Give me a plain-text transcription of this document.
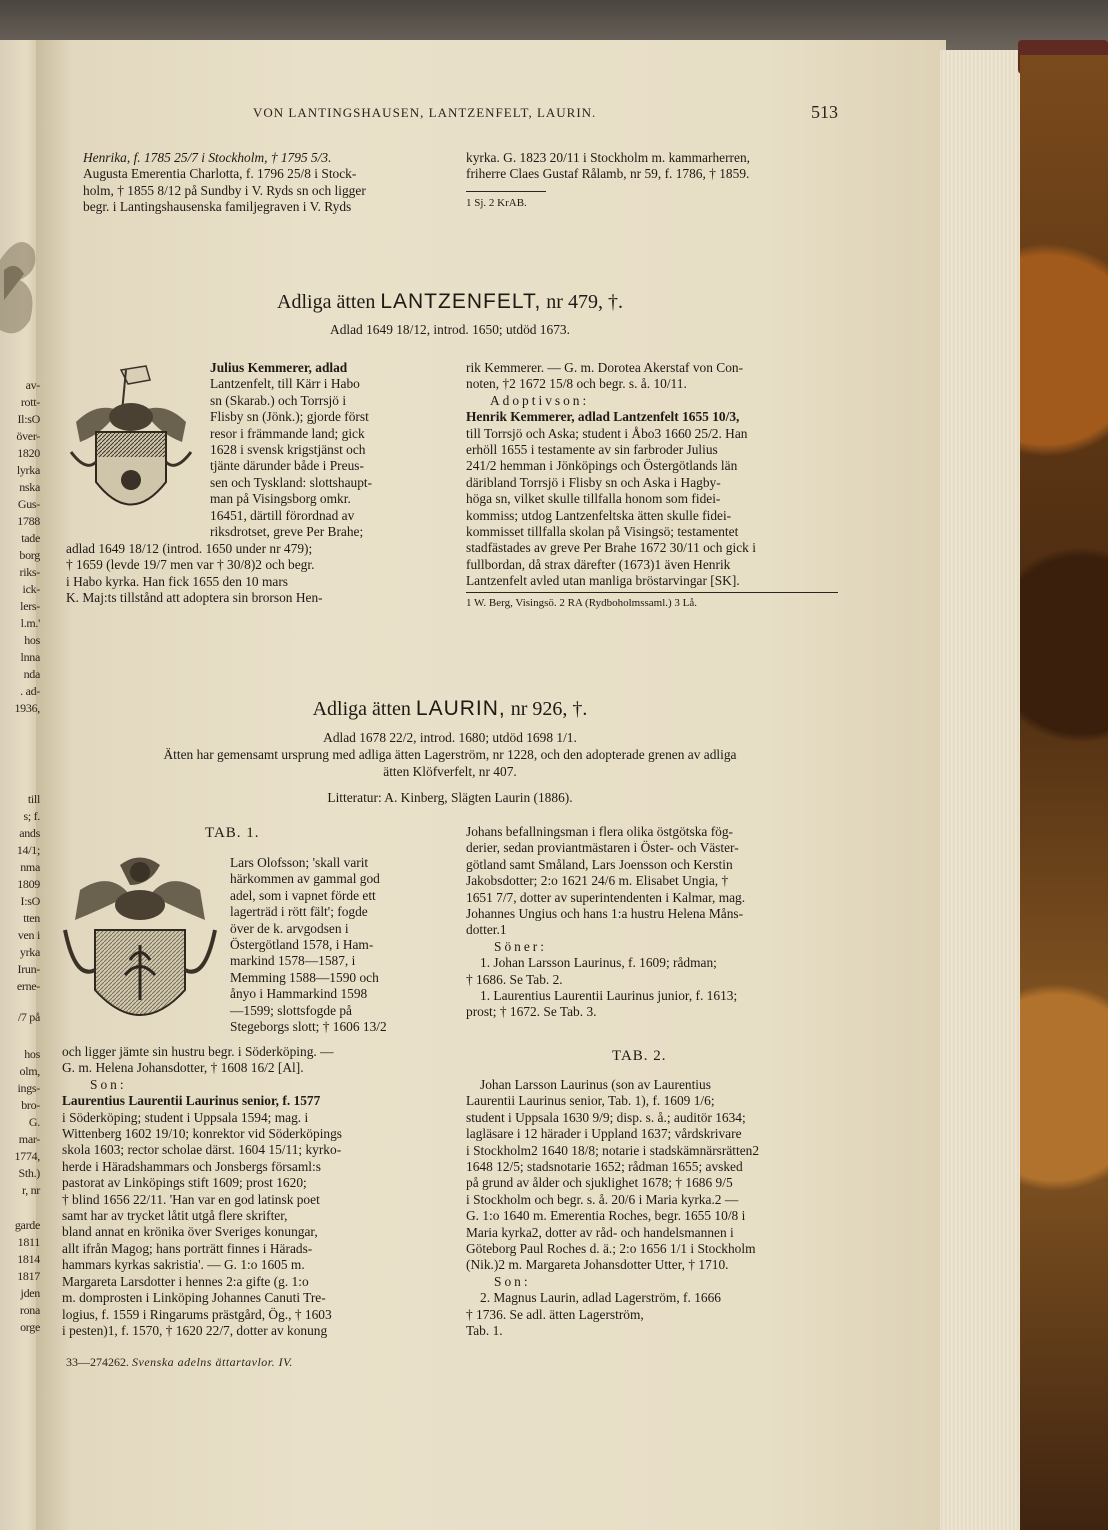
av-
rott-
Il:sO
över-
1820
lyrka
nska
Gus-
1788
tade
borg
riks-
ick-
lers-
l.m.'
hos
lnna
nda
. ad-
1936,
till
s; f.
ands
14/1;
nma
1809
I:sO
tten
ven i
yrka
Irun-
erne-
/7 på
hos
olm,
ings-
bro-
G.
mar-
1774,
Sth.)
r, nr
garde
1811
1814
1817
jden
rona
orge
VON LANTINGSHAUSEN, LANTZENFELT, LAURIN.	513

Henrika, f. 1785 25/7 i Stockholm, † 1795 5/3.

Augusta Emerentia Charlotta, f. 1796 25/8 i Stock-

holm, † 1855 8/12 på Sundby i V. Ryds sn och ligger

begr. i Lantingshausenska familjegraven i V. Ryds

kyrka. G. 1823 20/11 i Stockholm m. kammarherren,

friherre Claes Gustaf Rålamb, nr 59, f. 1786, † 1859.

1 Sj. 2 KrAB.

Adliga ätten LANTZENFELT, nr 479, †.
Adlad 1649 18/12, introd. 1650; utdöd 1673.

Julius Kemmerer, adlad

Lantzenfelt, till Kärr i Habo

sn (Skarab.) och Torrsjö i

Flisby sn (Jönk.); gjorde först

resor i främmande land; gick

1628 i svensk krigstjänst och

tjänte därunder både i Preus-

sen och Tyskland: slottshaupt-

man på Visingsborg omkr.

16451, därtill förordnad av

riksdrotset, greve Per Brahe;

adlad 1649 18/12 (introd. 1650 under nr 479);

† 1659 (levde 19/7 men var † 30/8)2 och begr.

i Habo kyrka. Han fick 1655 den 10 mars

K. Maj:ts tillstånd att adoptera sin brorson Hen-

rik Kemmerer. — G. m. Dorotea Akerstaf von Con-

noten, †2 1672 15/8 och begr. s. å. 10/11.

Adoptivson:

Henrik Kemmerer, adlad Lantzenfelt 1655 10/3,

till Torrsjö och Aska; student i Åbo3 1660 25/2. Han

erhöll 1655 i testamente av sin farbroder Julius

241/2 hemman i Jönköpings och Östergötlands län

däribland Torrsjö i Flisby sn och Aska i Hagby-

höga sn, vilket skulle tillfalla honom som fidei-

kommiss; utdog Lantzenfeltska ätten skulle fidei-

kommisset tillfalla skolan på Visingsö; testamentet

stadfästades av greve Per Brahe 1672 30/11 och gick i

fullbordan, då strax därefter (1673)1 även Henrik

Lantzenfelt avled utan manliga bröstarvingar [SK].

1 W. Berg, Visingsö. 2 RA (Rydboholmssaml.) 3 Lå.

Adliga ätten LAURIN, nr 926, †.
Adlad 1678 22/2, introd. 1680; utdöd 1698 1/1.
Ätten har gemensamt ursprung med adliga ätten Lagerström, nr 1228, och den adopterade grenen av adliga
ätten Klöfverfelt, nr 407.
Litteratur: A. Kinberg, Slägten Laurin (1886).
TAB. 1.

Lars Olofsson; 'skall varit

härkommen av gammal god

adel, som i vapnet förde ett

lagerträd i rött fält'; fogde

över de k. arvgodsen i

Östergötland 1578, i Ham-

markind 1578—1587, i

Memming 1588—1590 och

ånyo i Hammarkind 1598

—1599; slottsfogde på

Stegeborgs slott; † 1606 13/2

och ligger jämte sin hustru begr. i Söderköping. —

G. m. Helena Johansdotter, † 1608 16/2 [Al].

Son:

Laurentius Laurentii Laurinus senior, f. 1577

i Söderköping; student i Uppsala 1594; mag. i

Wittenberg 1602 19/10; konrektor vid Söderköpings

skola 1603; rector scholae därst. 1604 15/11; kyrko-

herde i Häradshammars och Jonsbergs församl:s

pastorat av Linköpings stift 1609; prost 1620;

† blind 1656 22/11. 'Han var en god latinsk poet

samt har av trycket låtit utgå flere skrifter,

bland annat en krönika över Sveriges konungar,

allt ifrån Magog; hans porträtt finnes i Härads-

hammars kyrkas sakristia'. — G. 1:o 1605 m.

Margareta Larsdotter i hennes 2:a gifte (g. 1:o

m. domprosten i Linköping Johannes Canuti Tre-

logius, f. 1559 i Ringarums prästgård, Ög., † 1603

i pesten)1, f. 1570, † 1620 22/7, dotter av konung

Johans befallningsman i flera olika östgötska fög-

derier, sedan proviantmästaren i Öster- och Väster-

götland samt Småland, Lars Joensson och Kerstin

Jakobsdotter; 2:o 1621 24/6 m. Elisabet Ungia, †

1651 7/7, dotter av superintendenten i Kalmar, mag.

Johannes Ungius och hans 1:a hustru Helena Måns-

dotter.1

Söner:

1. Johan Larsson Laurinus, f. 1609; rådman;

† 1686. Se Tab. 2.

1. Laurentius Laurentii Laurinus junior, f. 1613;

prost; † 1672. Se Tab. 3.

TAB. 2.

Johan Larsson Laurinus (son av Laurentius

Laurentii Laurinus senior, Tab. 1), f. 1609 1/6;

student i Uppsala 1630 9/9; disp. s. å.; auditör 1634;

lagläsare i 12 härader i Uppland 1637; vårdskrivare

i Stockholm2 1640 18/8; notarie i stadskämnärsrätten2

1648 12/5; stadsnotarie 1652; rådman 1655; avsked

på grund av ålder och sjuklighet 1678; † 1686 9/5

i Stockholm och begr. s. å. 20/6 i Maria kyrka.2 —

G. 1:o 1640 m. Emerentia Roches, begr. 1655 10/8 i

Maria kyrka2, dotter av råd- och handelsmannen i

Göteborg Paul Roches d. ä.; 2:o 1656 1/1 i Stockholm

(Nik.)2 m. Margareta Johansdotter Utter, † 1710.

Son:

2. Magnus Laurin, adlad Lagerström, f. 1666

† 1736. Se adl. ätten Lagerström,

Tab. 1.

33—274262. Svenska adelns ättartavlor. IV.
